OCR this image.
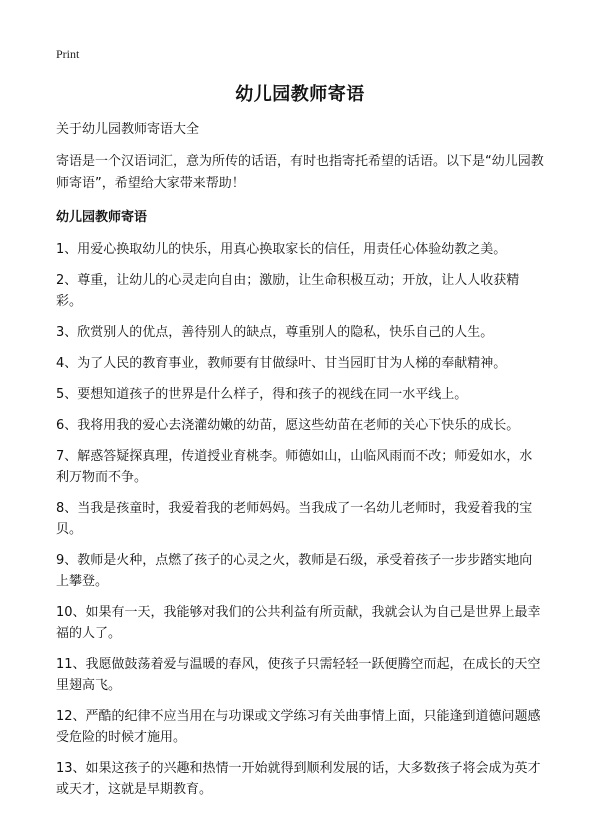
Print
幼儿园教师寄语

关于幼儿园教师寄语大全

寄语是一个汉语词汇，意为所传的话语，有时也指寄托希望的话语。以下是“幼儿园教师寄语”，希望给大家带来帮助！

幼儿园教师寄语
1、用爱心换取幼儿的快乐，用真心换取家长的信任，用责任心体验幼教之美。
2、尊重，让幼儿的心灵走向自由；激励，让生命积极互动；开放，让人人收获精彩。
3、欣赏别人的优点，善待别人的缺点，尊重别人的隐私，快乐自己的人生。
4、为了人民的教育事业，教师要有甘做绿叶、甘当园盯甘为人梯的奉献精神。
5、要想知道孩子的世界是什么样子，得和孩子的视线在同一水平线上。
6、我将用我的爱心去浇灌幼嫩的幼苗，愿这些幼苗在老师的关心下快乐的成长。
7、解惑答疑探真理，传道授业育桃李。师德如山，山临风雨而不改；师爱如水，水利万物而不争。
8、当我是孩童时，我爱着我的老师妈妈。当我成了一名幼儿老师时，我爱着我的宝贝。
9、教师是火种，点燃了孩子的心灵之火，教师是石级，承受着孩子一步步踏实地向上攀登。
10、如果有一天，我能够对我们的公共利益有所贡献，我就会认为自己是世界上最幸福的人了。
11、我愿做鼓荡着爱与温暖的春风，使孩子只需轻轻一跃便腾空而起，在成长的天空里翅高飞。
12、严酷的纪律不应当用在与功课或文学练习有关曲事情上面，只能逢到道德问题感受危险的时候才施用。
13、如果这孩子的兴趣和热情一开始就得到顺利发展的话，大多数孩子将会成为英才或天才，这就是早期教育。
